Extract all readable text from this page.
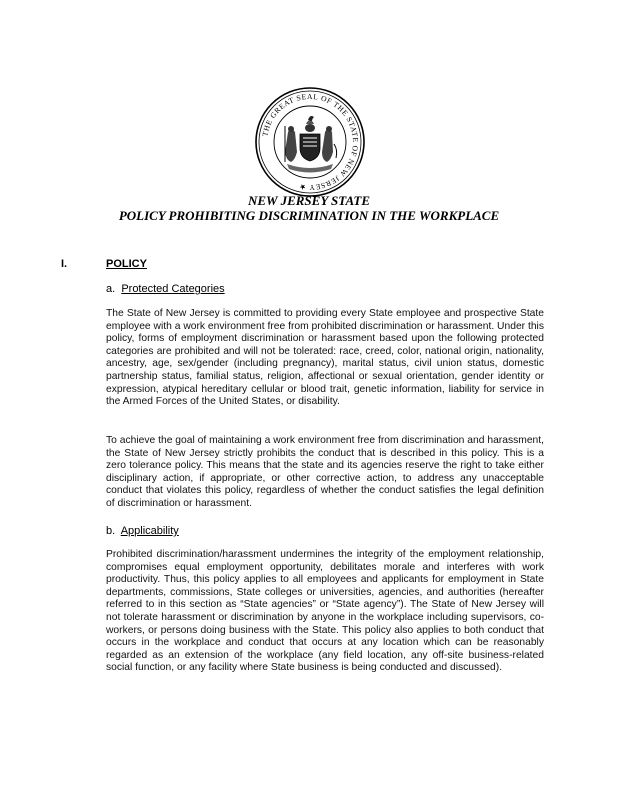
THE GREAT SEAL OF THE STATE OF NEW JERSEY ★

NEW JERSEY STATE

POLICY PROHIBITING DISCRIMINATION IN THE WORKPLACE

I.	POLICY

a. Protected Categories

The State of New Jersey is committed to providing every State employee and prospective State employee with a work environment free from prohibited discrimination or harassment. Under this policy, forms of employment discrimination or harassment based upon the following protected categories are prohibited and will not be tolerated: race, creed, color, national origin, nationality, ancestry, age, sex/gender (including pregnancy), marital status, civil union status, domestic partnership status, familial status, religion, affectional or sexual orientation, gender identity or expression, atypical hereditary cellular or blood trait, genetic information, liability for service in the Armed Forces of the United States, or disability.

To achieve the goal of maintaining a work environment free from discrimination and harassment, the State of New Jersey strictly prohibits the conduct that is described in this policy. This is a zero tolerance policy. This means that the state and its agencies reserve the right to take either disciplinary action, if appropriate, or other corrective action, to address any unacceptable conduct that violates this policy, regardless of whether the conduct satisfies the legal definition of discrimination or harassment.

b. Applicability

Prohibited discrimination/harassment undermines the integrity of the employment relationship, compromises equal employment opportunity, debilitates morale and interferes with work productivity. Thus, this policy applies to all employees and applicants for employment in State departments, commissions, State colleges or universities, agencies, and authorities (hereafter referred to in this section as “State agencies” or “State agency”). The State of New Jersey will not tolerate harassment or discrimination by anyone in the workplace including supervisors, co-workers, or persons doing business with the State. This policy also applies to both conduct that occurs in the workplace and conduct that occurs at any location which can be reasonably regarded as an extension of the workplace (any field location, any off-site business-related social function, or any facility where State business is being conducted and discussed).
